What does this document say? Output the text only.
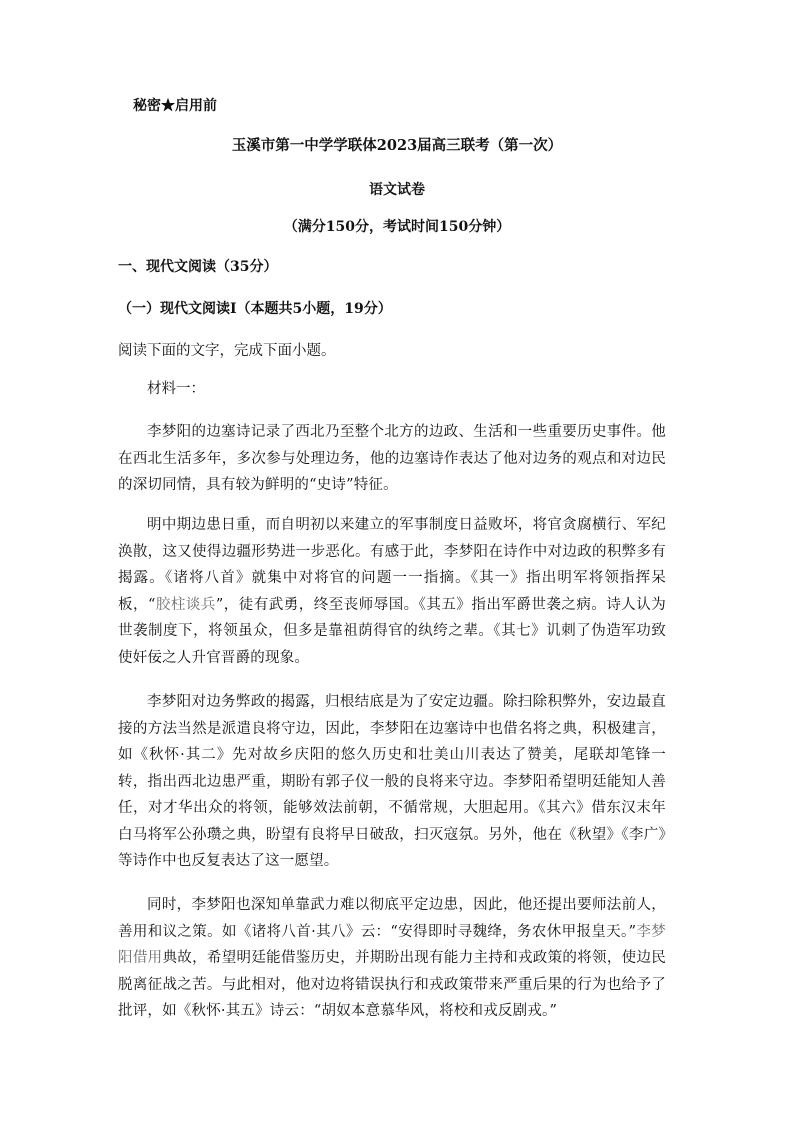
秘密★启用前
玉溪市第一中学学联体2023届高三联考（第一次）
语文试卷
（满分150分，考试时间150分钟）
一、现代文阅读（35分）
（一）现代文阅读Ⅰ（本题共5小题，19分）
阅读下面的文字，完成下面小题。
材料一：
李梦阳的边塞诗记录了西北乃至整个北方的边政、生活和一些重要历史事件。他在西北生活多年，多次参与处理边务，他的边塞诗作表达了他对边务的观点和对边民的深切同情，具有较为鲜明的“史诗”特征。
明中期边患日重，而自明初以来建立的军事制度日益败坏，将官贪腐横行、军纪涣散，这又使得边疆形势进一步恶化。有感于此，李梦阳在诗作中对边政的积弊多有揭露。《诸将八首》就集中对将官的问题一一指摘。《其一》指出明军将领指挥呆板，“胶柱谈兵”，徒有武勇，终至丧师辱国。《其五》指出军爵世袭之病。诗人认为世袭制度下，将领虽众，但多是靠祖荫得官的纨绔之辈。《其七》讥刺了伪造军功致使奸佞之人升官晋爵的现象。
李梦阳对边务弊政的揭露，归根结底是为了安定边疆。除扫除积弊外，安边最直接的方法当然是派遣良将守边，因此，李梦阳在边塞诗中也借名将之典，积极建言，如《秋怀·其二》先对故乡庆阳的悠久历史和壮美山川表达了赞美，尾联却笔锋一转，指出西北边患严重，期盼有郭子仪一般的良将来守边。李梦阳希望明廷能知人善任，对才华出众的将领，能够效法前朝，不循常规，大胆起用。《其六》借东汉末年白马将军公孙瓒之典，盼望有良将早日破敌，扫灭寇氛。另外，他在《秋望》《李广》等诗作中也反复表达了这一愿望。
同时，李梦阳也深知单靠武力难以彻底平定边患，因此，他还提出要师法前人，善用和议之策。如《诸将八首·其八》云：“安得即时寻魏绛，务农休甲报皇天。”李梦阳借用典故，希望明廷能借鉴历史，并期盼出现有能力主持和戎政策的将领，使边民脱离征战之苦。与此相对，他对边将错误执行和戎政策带来严重后果的行为也给予了批评，如《秋怀·其五》诗云：“胡奴本意慕华风，将校和戎反剧戎。”
